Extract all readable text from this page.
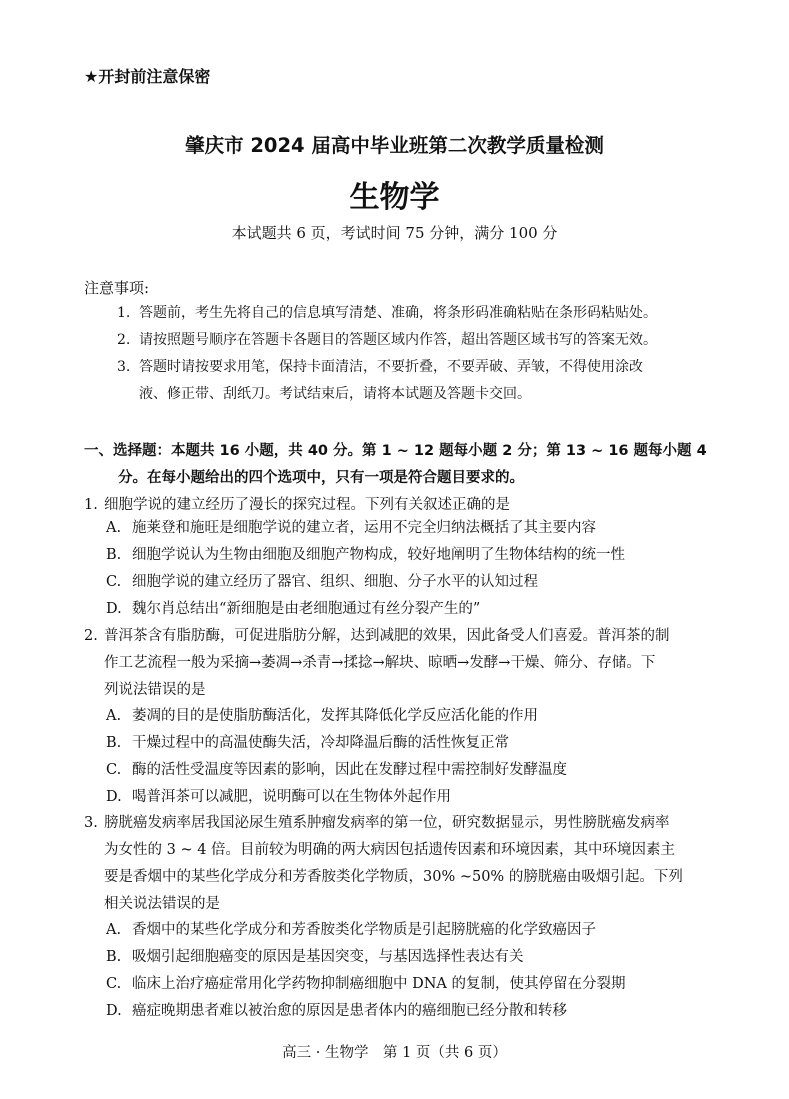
★开封前注意保密
肇庆市 2024 届高中毕业班第二次教学质量检测
生物学
本试题共 6 页，考试时间 75 分钟，满分 100 分
注意事项:
1. 答题前，考生先将自己的信息填写清楚、准确，将条形码准确粘贴在条形码粘贴处。
2. 请按照题号顺序在答题卡各题目的答题区域内作答，超出答题区域书写的答案无效。
3. 答题时请按要求用笔，保持卡面清洁，不要折叠，不要弄破、弄皱，不得使用涂改
液、修正带、刮纸刀。考试结束后，请将本试题及答题卡交回。
一、选择题：本题共 16 小题，共 40 分。第 1 ~ 12 题每小题 2 分；第 13 ~ 16 题每小题 4
分。在每小题给出的四个选项中，只有一项是符合题目要求的。
1. 细胞学说的建立经历了漫长的探究过程。下列有关叙述正确的是
A. 施莱登和施旺是细胞学说的建立者，运用不完全归纳法概括了其主要内容
B. 细胞学说认为生物由细胞及细胞产物构成，较好地阐明了生物体结构的统一性
C. 细胞学说的建立经历了器官、组织、细胞、分子水平的认知过程
D. 魏尔肖总结出“新细胞是由老细胞通过有丝分裂产生的”
2. 普洱茶含有脂肪酶，可促进脂肪分解，达到减肥的效果，因此备受人们喜爱。普洱茶的制
作工艺流程一般为采摘→萎凋→杀青→揉捻→解块、晾晒→发酵→干燥、筛分、存储。下
列说法错误的是
A. 萎凋的目的是使脂肪酶活化，发挥其降低化学反应活化能的作用
B. 干燥过程中的高温使酶失活，冷却降温后酶的活性恢复正常
C. 酶的活性受温度等因素的影响，因此在发酵过程中需控制好发酵温度
D. 喝普洱茶可以减肥，说明酶可以在生物体外起作用
3. 膀胱癌发病率居我国泌尿生殖系肿瘤发病率的第一位，研究数据显示，男性膀胱癌发病率
为女性的 3 ~ 4 倍。目前较为明确的两大病因包括遗传因素和环境因素，其中环境因素主
要是香烟中的某些化学成分和芳香胺类化学物质，30% ~50% 的膀胱癌由吸烟引起。下列
相关说法错误的是
A. 香烟中的某些化学成分和芳香胺类化学物质是引起膀胱癌的化学致癌因子
B. 吸烟引起细胞癌变的原因是基因突变，与基因选择性表达有关
C. 临床上治疗癌症常用化学药物抑制癌细胞中 DNA 的复制，使其停留在分裂期
D. 癌症晚期患者难以被治愈的原因是患者体内的癌细胞已经分散和转移
高三 · 生物学　第 1 页（共 6 页）
